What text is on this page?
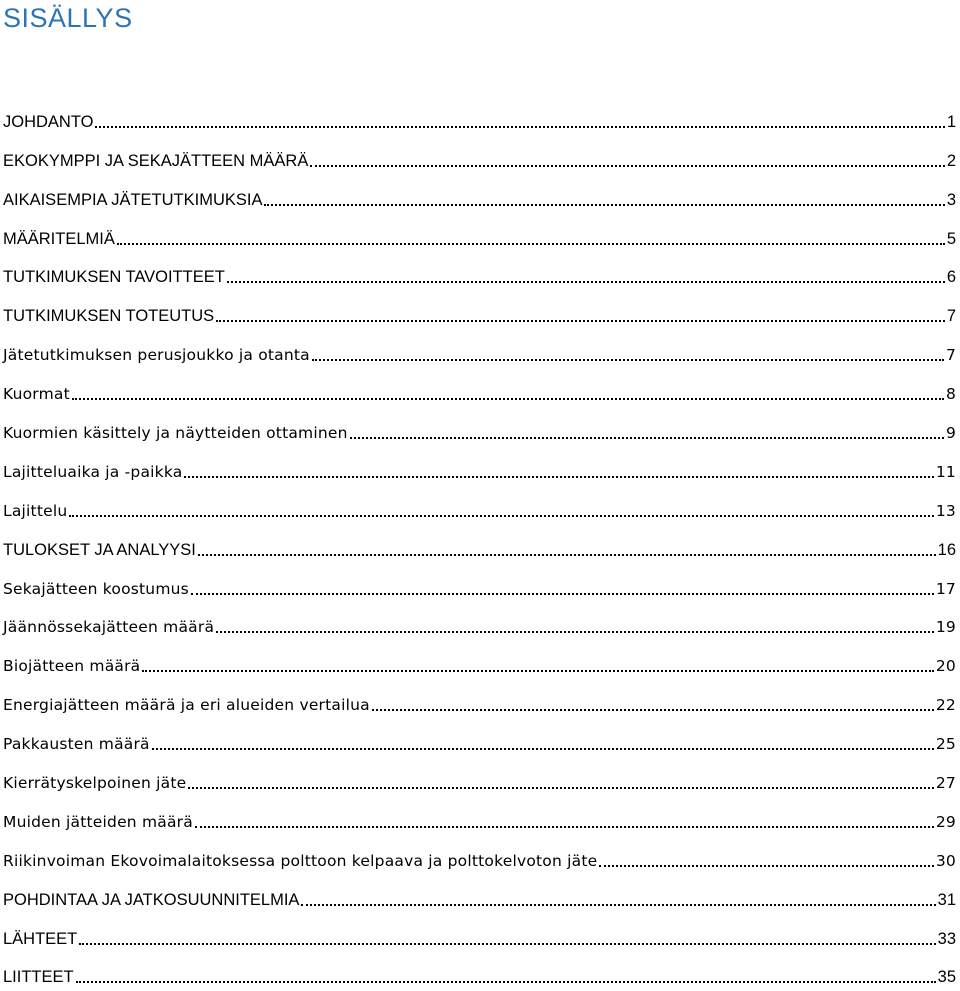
SISÄLLYS
JOHDANTO	1
EKOKYMPPI JA SEKAJÄTTEEN MÄÄRÄ	2
AIKAISEMPIA JÄTETUTKIMUKSIA	3
MÄÄRITELMIÄ	5
TUTKIMUKSEN TAVOITTEET	6
TUTKIMUKSEN TOTEUTUS	7
Jätetutkimuksen perusjoukko ja otanta	7
Kuormat	8
Kuormien käsittely ja näytteiden ottaminen	9
Lajitteluaika ja -paikka	11
Lajittelu	13
TULOKSET JA ANALYYSI	16
Sekajätteen koostumus	17
Jäännössekajätteen määrä	19
Biojätteen määrä	20
Energiajätteen määrä ja eri alueiden vertailua	22
Pakkausten määrä	25
Kierrätyskelpoinen jäte	27
Muiden jätteiden määrä	29
Riikinvoiman Ekovoimalaitoksessa polttoon kelpaava ja polttokelvoton jäte	30
POHDINTAA JA JATKOSUUNNITELMIA	31
LÄHTEET	33
LIITTEET	35
